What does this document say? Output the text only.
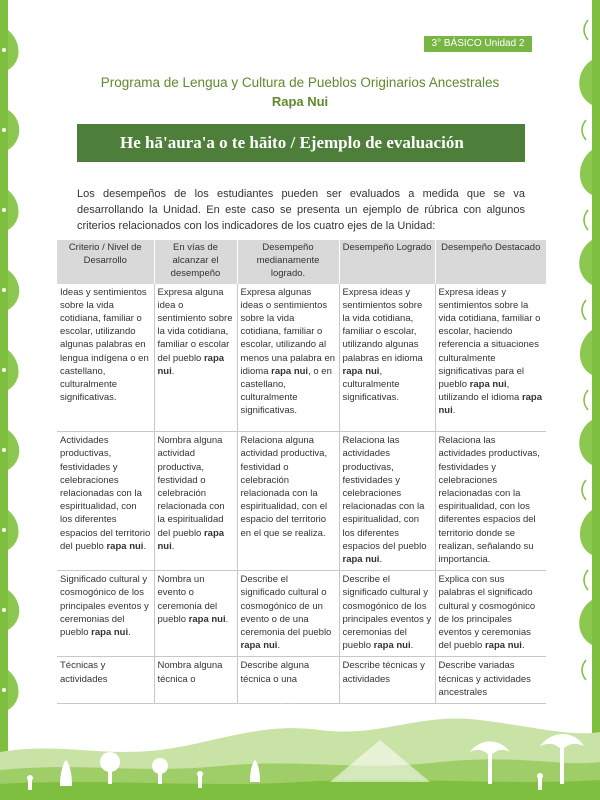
3° BÁSICO Unidad 2
Programa de Lengua y Cultura de Pueblos Originarios Ancestrales
Rapa Nui
He hā'aura'a o te hāito / Ejemplo de evaluación

Los desempeños de los estudiantes pueden ser evaluados a medida que se va desarrollando la Unidad. En este caso se presenta un ejemplo de rúbrica con algunos criterios relacionados con los indicadores de los cuatro ejes de la Unidad:

Criterio / Nivel de Desarrollo	En vías de alcanzar el desempeño	Desempeño medianamente logrado.	Desempeño Logrado	Desempeño Destacado
Ideas y sentimientos sobre la vida cotidiana, familiar o escolar, utilizando algunas palabras en lengua indígena o en castellano, culturalmente significativas.	Expresa alguna idea o sentimiento sobre la vida cotidiana, familiar o escolar del pueblo rapa nui.	Expresa algunas ideas o sentimientos sobre la vida cotidiana, familiar o escolar, utilizando al menos una palabra en idioma rapa nui, o en castellano, culturalmente significativas.	Expresa ideas y sentimientos sobre la vida cotidiana, familiar o escolar, utilizando algunas palabras en idioma rapa nui, culturalmente significativas.	Expresa ideas y sentimientos sobre la vida cotidiana, familiar o escolar, haciendo referencia a situaciones culturalmente significativas para el pueblo rapa nui, utilizando el idioma rapa nui.
Actividades productivas, festividades y celebraciones relacionadas con la espiritualidad, con los diferentes espacios del territorio del pueblo rapa nui.	Nombra alguna actividad productiva, festividad o celebración relacionada con la espiritualidad del pueblo rapa nui.	Relaciona alguna actividad productiva, festividad o celebración relacionada con la espiritualidad, con el espacio del territorio en el que se realiza.	Relaciona las actividades productivas, festividades y celebraciones relacionadas con la espiritualidad, con los diferentes espacios del pueblo rapa nui.	Relaciona las actividades productivas, festividades y celebraciones relacionadas con la espiritualidad, con los diferentes espacios del territorio donde se realizan, señalando su importancia.
Significado cultural y cosmogónico de los principales eventos y ceremonias del pueblo rapa nui.	Nombra un evento o ceremonia del pueblo rapa nui.	Describe el significado cultural o cosmogónico de un evento o de una ceremonia del pueblo rapa nui.	Describe el significado cultural y cosmogónico de los principales eventos y ceremonias del pueblo rapa nui.	Explica con sus palabras el significado cultural y cosmogónico de los principales eventos y ceremonias del pueblo rapa nui.
Técnicas y actividades	Nombra alguna técnica o	Describe alguna técnica o una	Describe técnicas y actividades	Describe variadas técnicas y actividades ancestrales
